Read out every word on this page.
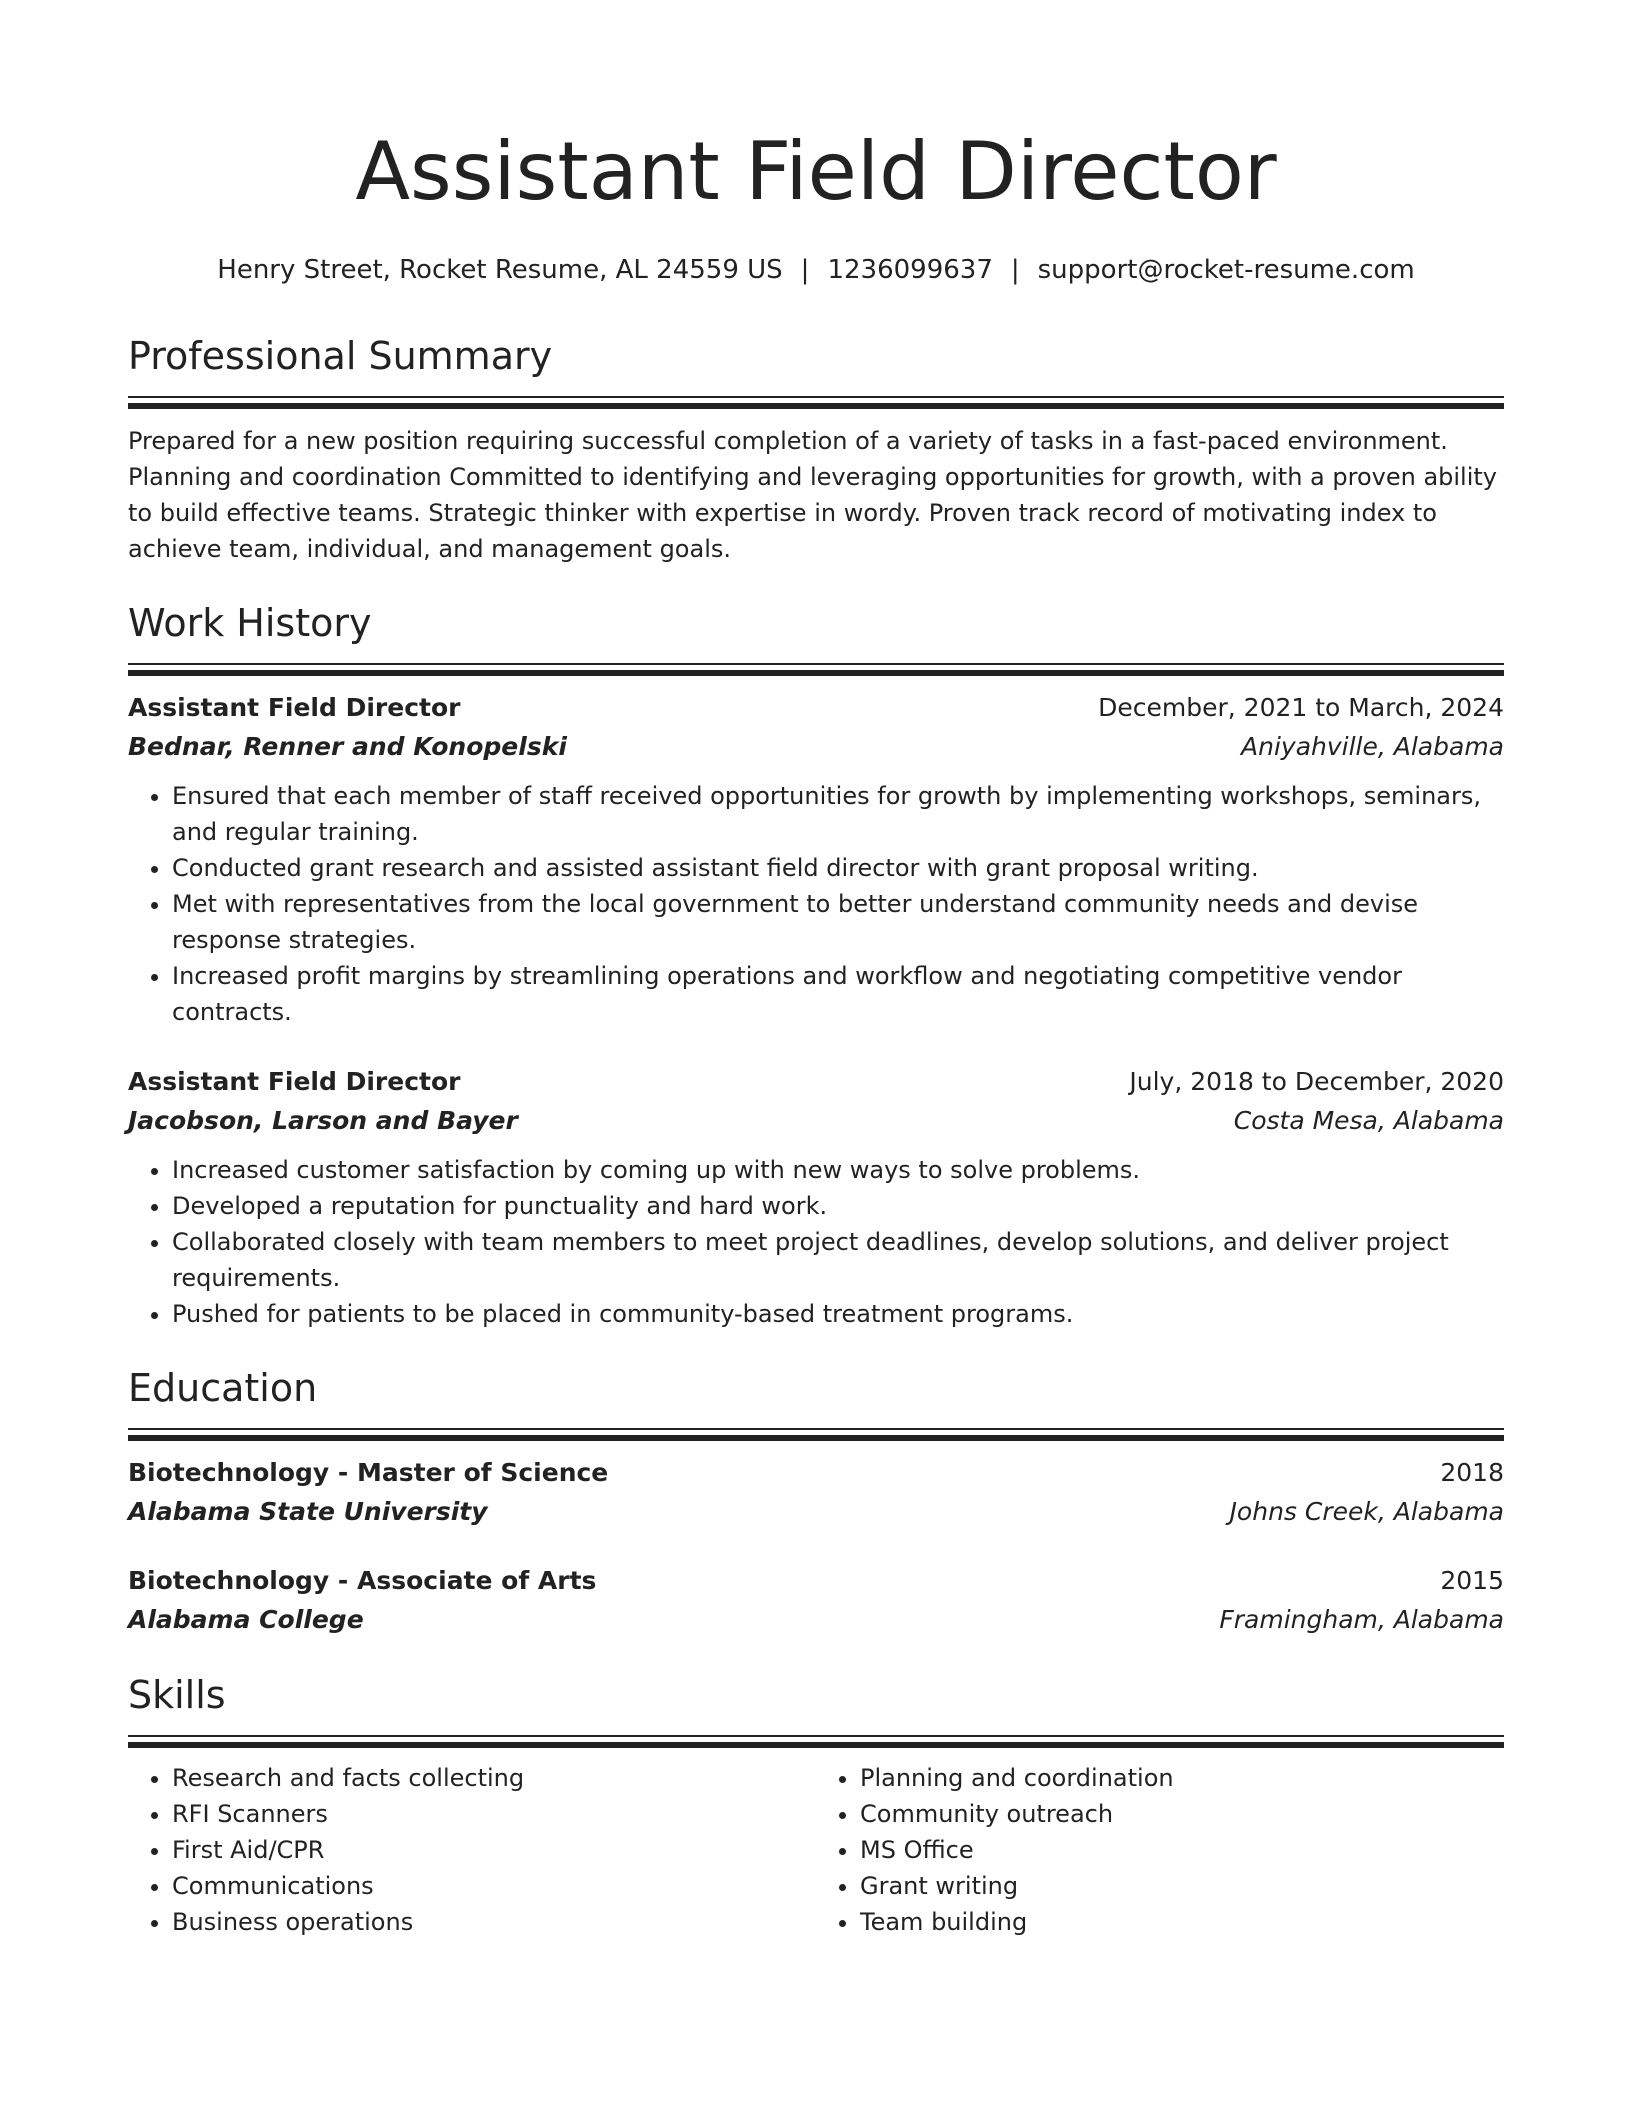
Assistant Field Director
Henry Street, Rocket Resume, AL 24559 US | 1236099637 | support@rocket-resume.com
Professional Summary

Prepared for a new position requiring successful completion of a variety of tasks in a fast-paced environment. Planning and coordination Committed to identifying and leveraging opportunities for growth, with a proven ability to build effective teams. Strategic thinker with expertise in wordy. Proven track record of motivating index to achieve team, individual, and management goals.

Work History
Assistant Field Director	December, 2021 to March, 2024
Bednar, Renner and Konopelski	Aniyahville, Alabama
• Ensured that each member of staff received opportunities for growth by implementing workshops, seminars, and regular training.
• Conducted grant research and assisted assistant field director with grant proposal writing.
• Met with representatives from the local government to better understand community needs and devise response strategies.
• Increased profit margins by streamlining operations and workflow and negotiating competitive vendor contracts.
Assistant Field Director	July, 2018 to December, 2020
Jacobson, Larson and Bayer	Costa Mesa, Alabama
• Increased customer satisfaction by coming up with new ways to solve problems.
• Developed a reputation for punctuality and hard work.
• Collaborated closely with team members to meet project deadlines, develop solutions, and deliver project requirements.
• Pushed for patients to be placed in community-based treatment programs.
Education
Biotechnology - Master of Science	2018
Alabama State University	Johns Creek, Alabama
Biotechnology - Associate of Arts	2015
Alabama College	Framingham, Alabama
Skills
• Research and facts collecting
• RFI Scanners
• First Aid/CPR
• Communications
• Business operations
• Planning and coordination
• Community outreach
• MS Office
• Grant writing
• Team building
